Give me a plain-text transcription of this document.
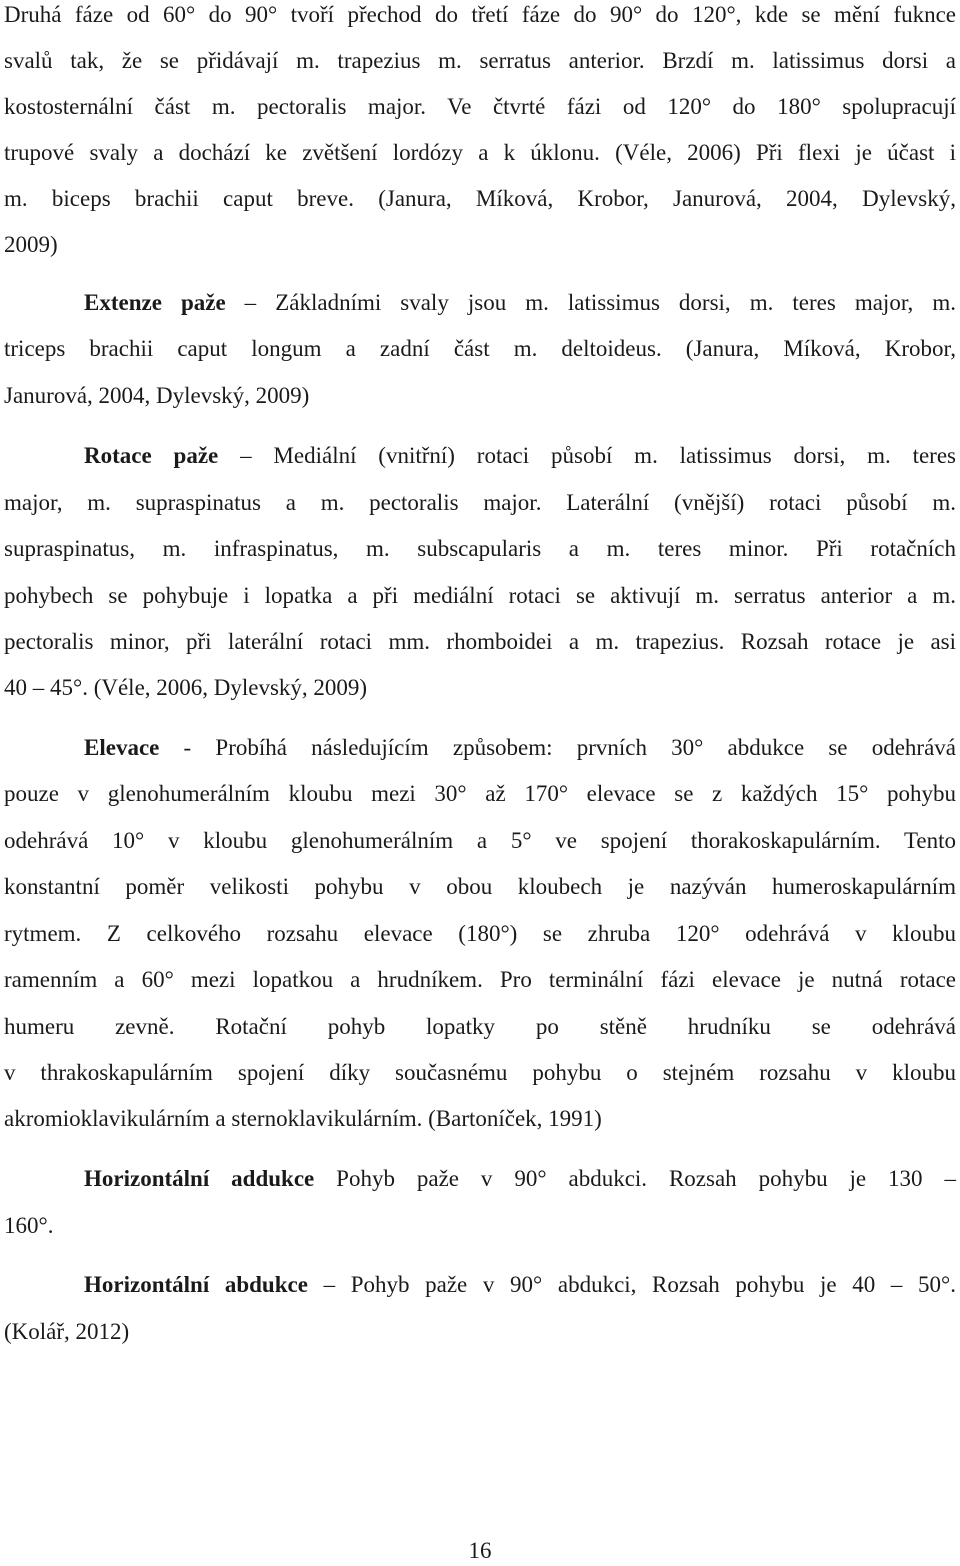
Druhá fáze od 60° do 90° tvoří přechod do třetí fáze do 90° do 120°, kde se mění fuknce
svalů tak, že se přidávají m. trapezius m. serratus anterior. Brzdí m. latissimus dorsi a
kostosternální část m. pectoralis major. Ve čtvrté fázi od 120° do 180° spolupracují
trupové svaly a dochází ke zvětšení lordózy a k úklonu. (Véle, 2006) Při flexi je účast i
m. biceps brachii caput breve. (Janura, Míková, Krobor, Janurová, 2004, Dylevský,
2009)
Extenze paže – Základními svaly jsou m. latissimus dorsi, m. teres major, m.
triceps brachii caput longum a zadní část m. deltoideus. (Janura, Míková, Krobor,
Janurová, 2004, Dylevský, 2009)
Rotace paže – Mediální (vnitřní) rotaci působí m. latissimus dorsi, m. teres
major, m. supraspinatus a m. pectoralis major. Laterální (vnější) rotaci působí m.
supraspinatus, m. infraspinatus, m. subscapularis a m. teres minor. Při rotačních
pohybech se pohybuje i lopatka a při mediální rotaci se aktivují m. serratus anterior a m.
pectoralis minor, při laterální rotaci mm. rhomboidei a m. trapezius. Rozsah rotace je asi
40 – 45°. (Véle, 2006, Dylevský, 2009)
Elevace - Probíhá následujícím způsobem: prvních 30° abdukce se odehrává
pouze v glenohumerálním kloubu mezi 30° až 170° elevace se z každých 15° pohybu
odehrává 10° v kloubu glenohumerálním a 5° ve spojení thorakoskapulárním. Tento
konstantní poměr velikosti pohybu v obou kloubech je nazýván humeroskapulárním
rytmem. Z celkového rozsahu elevace (180°) se zhruba 120° odehrává v kloubu
ramenním a 60° mezi lopatkou a hrudníkem. Pro terminální fázi elevace je nutná rotace
humeru zevně. Rotační pohyb lopatky po stěně hrudníku se odehrává
v thrakoskapulárním spojení díky současnému pohybu o stejném rozsahu v kloubu
akromioklavikulárním a sternoklavikulárním. (Bartoníček, 1991)
Horizontální addukce Pohyb paže v 90° abdukci. Rozsah pohybu je 130 –
160°.
Horizontální abdukce – Pohyb paže v 90° abdukci, Rozsah pohybu je 40 – 50°.
(Kolář, 2012)
16
